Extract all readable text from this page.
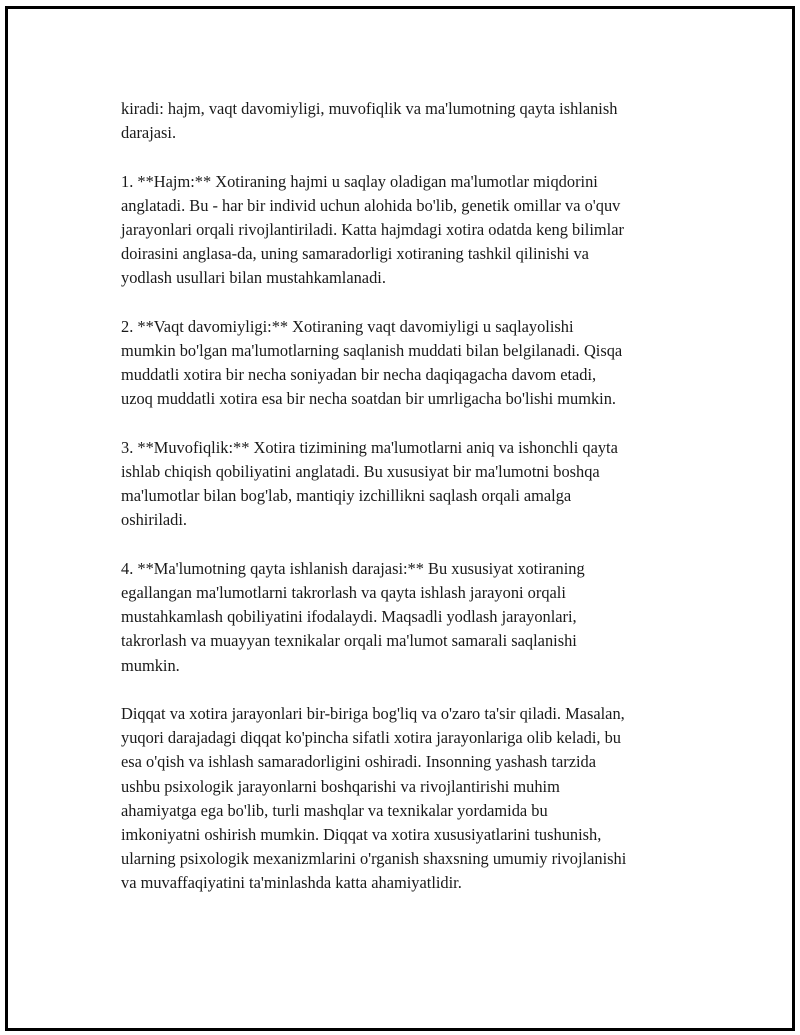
kiradi: hajm, vaqt davomiyligi, muvofiqlik va ma'lumotning qayta ishlanish
darajasi.

1. **Hajm:** Xotiraning hajmi u saqlay oladigan ma'lumotlar miqdorini
anglatadi. Bu - har bir individ uchun alohida bo'lib, genetik omillar va o'quv
jarayonlari orqali rivojlantiriladi. Katta hajmdagi xotira odatda keng bilimlar
doirasini anglasa-da, uning samaradorligi xotiraning tashkil qilinishi va
yodlash usullari bilan mustahkamlanadi.

2. **Vaqt davomiyligi:** Xotiraning vaqt davomiyligi u saqlayolishi
mumkin bo'lgan ma'lumotlarning saqlanish muddati bilan belgilanadi. Qisqa
muddatli xotira bir necha soniyadan bir necha daqiqagacha davom etadi,
uzoq muddatli xotira esa bir necha soatdan bir umrligacha bo'lishi mumkin.

3. **Muvofiqlik:** Xotira tizimining ma'lumotlarni aniq va ishonchli qayta
ishlab chiqish qobiliyatini anglatadi. Bu xususiyat bir ma'lumotni boshqa
ma'lumotlar bilan bog'lab, mantiqiy izchillikni saqlash orqali amalga
oshiriladi.

4. **Ma'lumotning qayta ishlanish darajasi:** Bu xususiyat xotiraning
egallangan ma'lumotlarni takrorlash va qayta ishlash jarayoni orqali
mustahkamlash qobiliyatini ifodalaydi. Maqsadli yodlash jarayonlari,
takrorlash va muayyan texnikalar orqali ma'lumot samarali saqlanishi
mumkin.

Diqqat va xotira jarayonlari bir-biriga bog'liq va o'zaro ta'sir qiladi. Masalan,
yuqori darajadagi diqqat ko'pincha sifatli xotira jarayonlariga olib keladi, bu
esa o'qish va ishlash samaradorligini oshiradi. Insonning yashash tarzida
ushbu psixologik jarayonlarni boshqarishi va rivojlantirishi muhim
ahamiyatga ega bo'lib, turli mashqlar va texnikalar yordamida bu
imkoniyatni oshirish mumkin. Diqqat va xotira xususiyatlarini tushunish,
ularning psixologik mexanizmlarini o'rganish shaxsning umumiy rivojlanishi
va muvaffaqiyatini ta'minlashda katta ahamiyatlidir.
